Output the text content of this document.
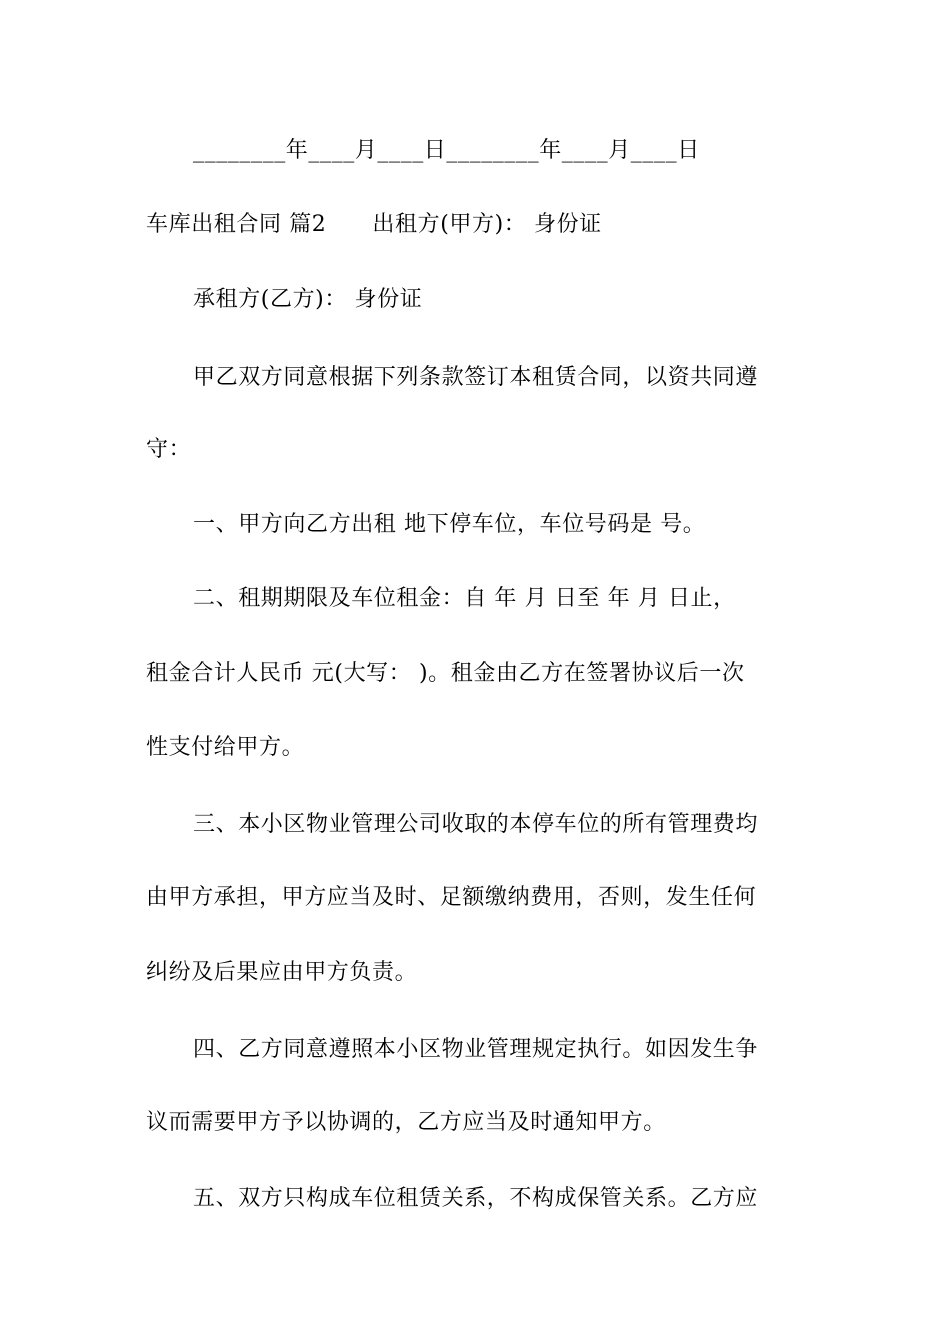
________年____月____日________年____月____日
车库出租合同 篇2 出租方(甲方)： 身份证
承租方(乙方)： 身份证
甲乙双方同意根据下列条款签订本租赁合同，以资共同遵
守：
一、甲方向乙方出租 地下停车位，车位号码是 号。
二、租期期限及车位租金：自 年 月 日至 年 月 日止，
租金合计人民币 元(大写： )。租金由乙方在签署协议后一次
性支付给甲方。
三、本小区物业管理公司收取的本停车位的所有管理费均
由甲方承担，甲方应当及时、足额缴纳费用，否则，发生任何
纠纷及后果应由甲方负责。
四、乙方同意遵照本小区物业管理规定执行。如因发生争
议而需要甲方予以协调的，乙方应当及时通知甲方。
五、双方只构成车位租赁关系，不构成保管关系。乙方应
